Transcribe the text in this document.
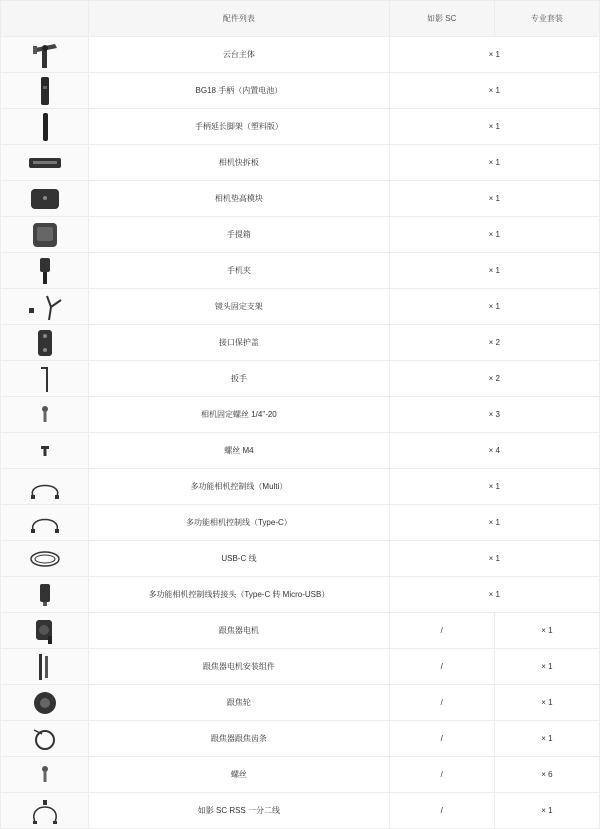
	配件列表	如影 SC	专业套装

	云台主体	× 1	

	BG18 手柄（内置电池）	× 1	

	手柄延长脚架（塑料版）	× 1	

	相机快拆板	× 1	

	相机垫高模块	× 1	

	手提箱	× 1	

	手机夹	× 1	

	镜头固定支架	× 1	

	接口保护盖	× 2	

	扳手	× 2	

	相机固定螺丝 1/4"-20	× 3	

	螺丝 M4	× 4	

	多功能相机控制线（Multi）	× 1	

	多功能相机控制线（Type-C）	× 1	

	USB-C 线	× 1	

	多功能相机控制线转接头（Type-C 转 Micro-USB）	× 1	

	跟焦器电机	/	× 1

	跟焦器电机安装组件	/	× 1

	跟焦轮	/	× 1

	跟焦器跟焦齿条	/	× 1

	螺丝	/	× 6

	如影 SC RSS 一分二线	/	× 1
